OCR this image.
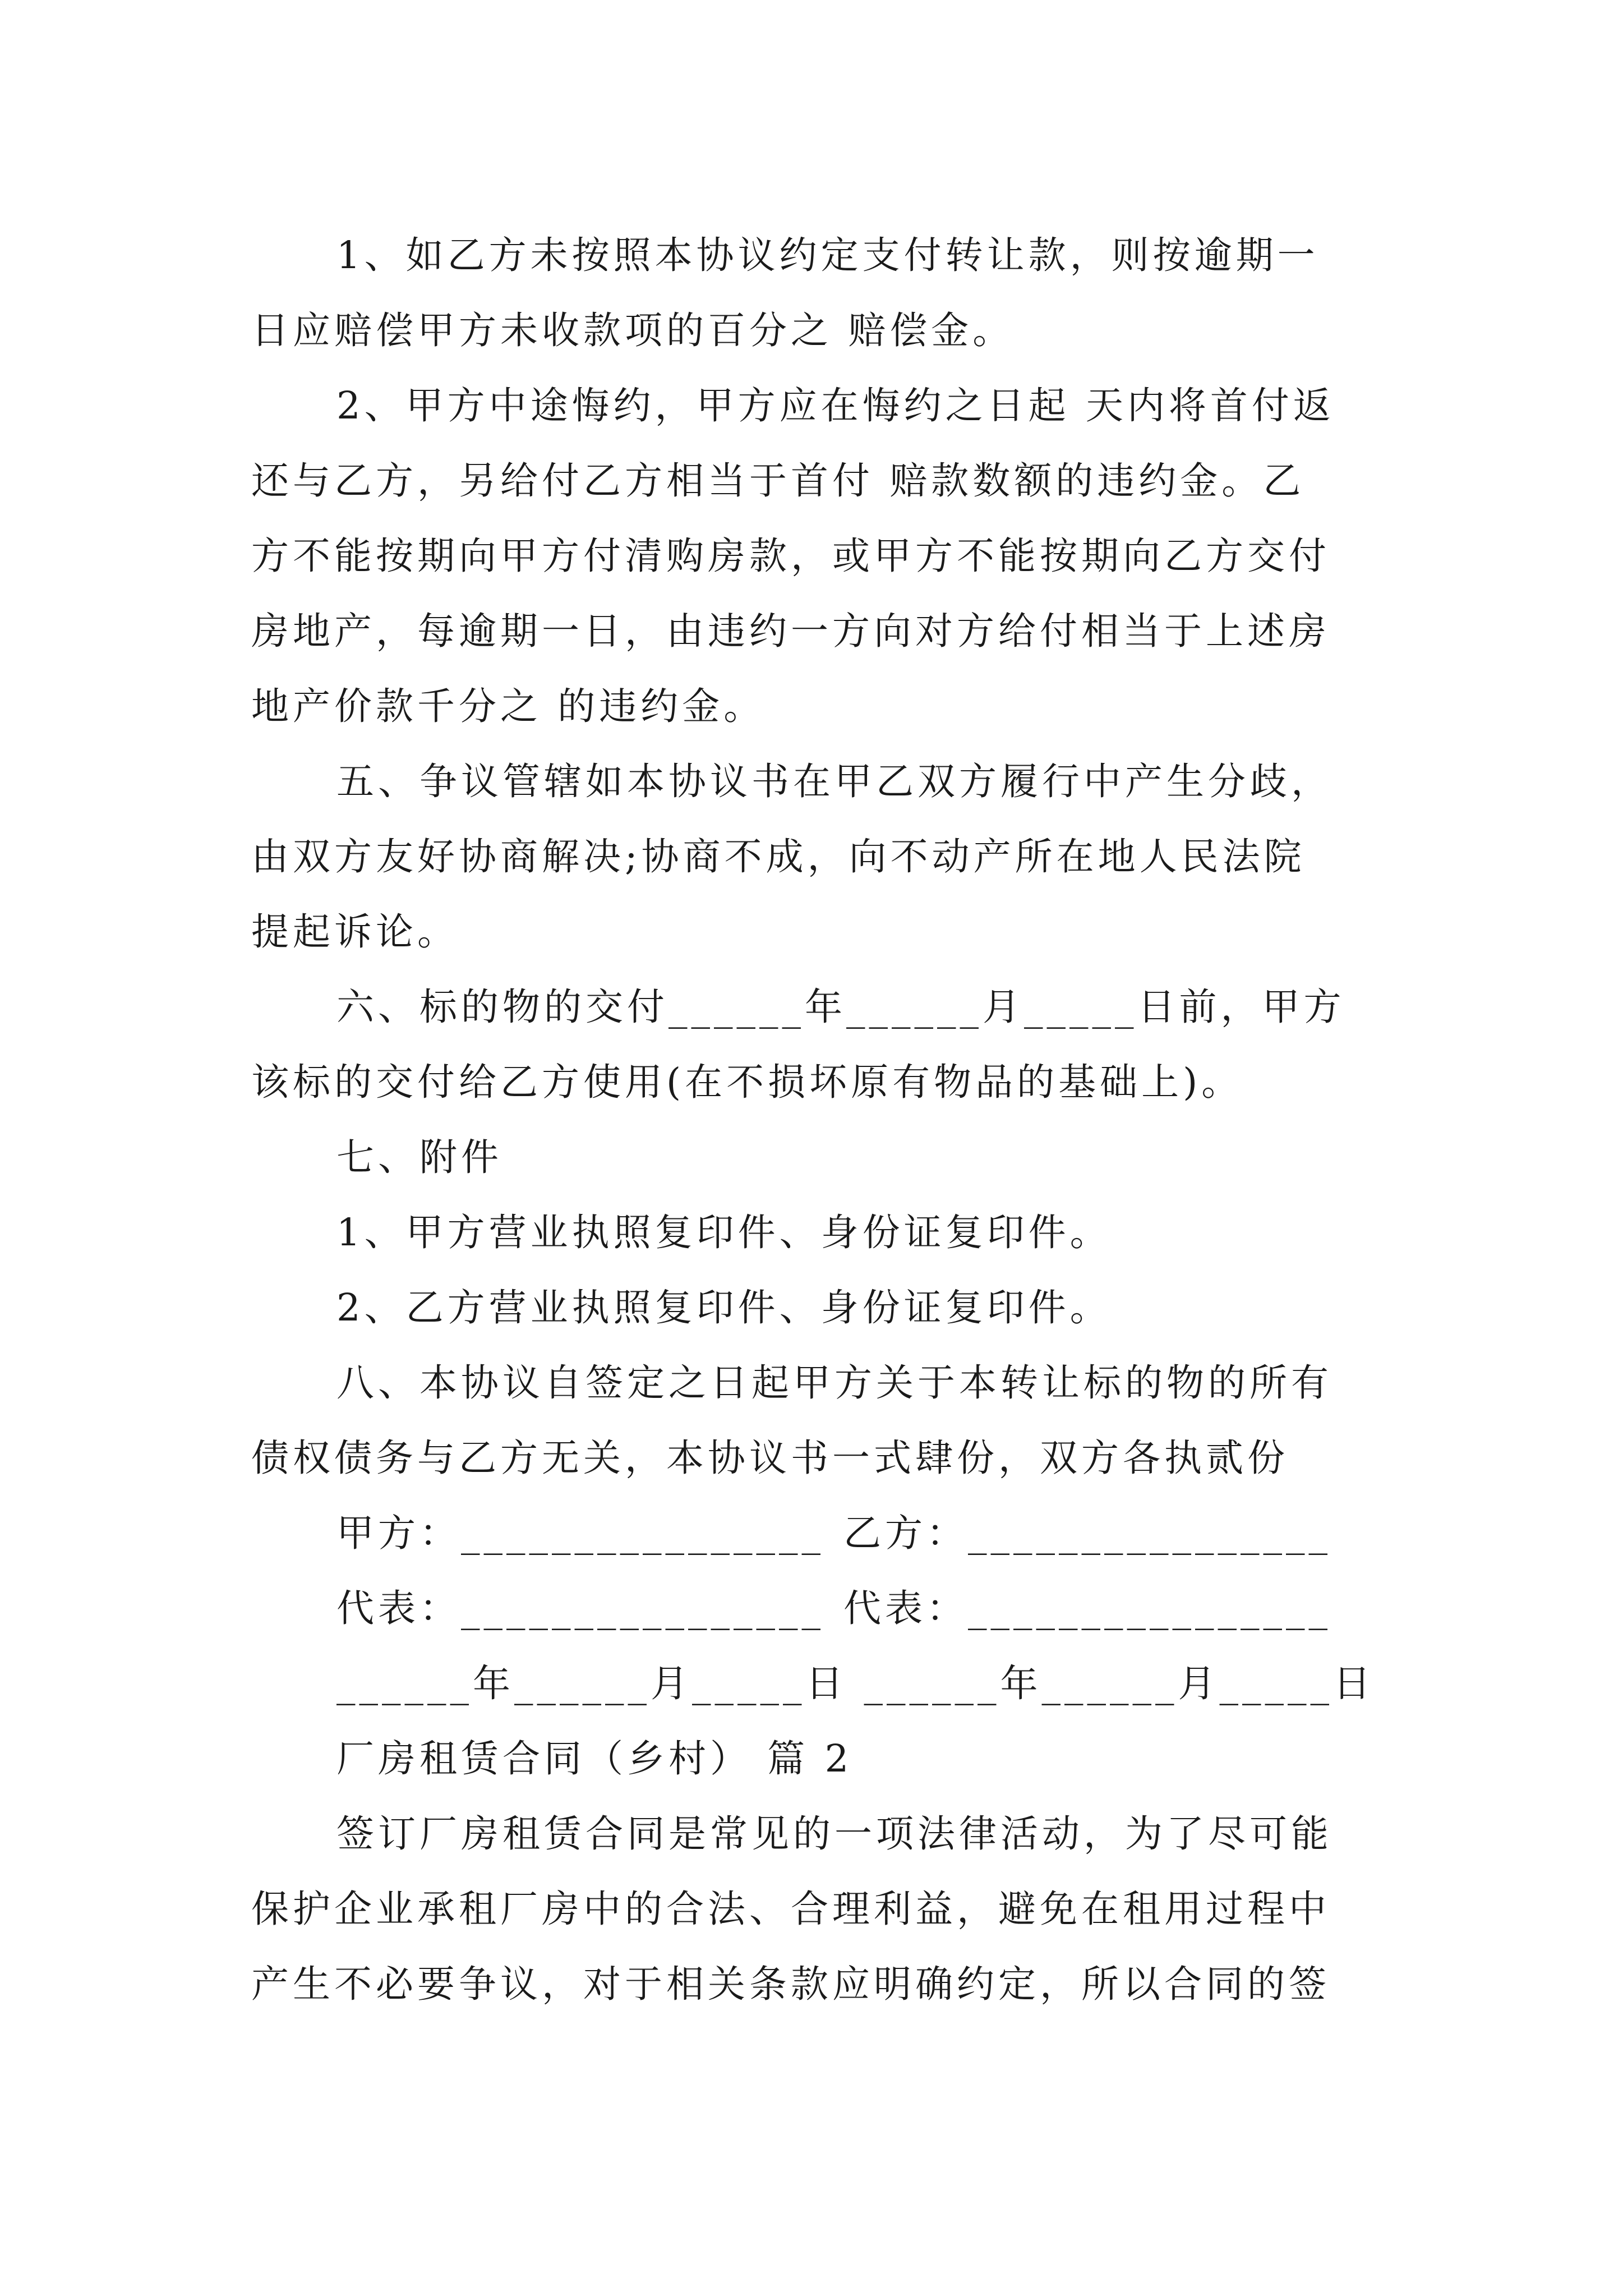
1、如乙方未按照本协议约定支付转让款，则按逾期一

日应赔偿甲方未收款项的百分之 赔偿金。

2、甲方中途悔约，甲方应在悔约之日起 天内将首付返

还与乙方，另给付乙方相当于首付 赔款数额的违约金。乙

方不能按期向甲方付清购房款，或甲方不能按期向乙方交付

房地产，每逾期一日，由违约一方向对方给付相当于上述房

地产价款千分之 的违约金。

五、争议管辖如本协议书在甲乙双方履行中产生分歧，

由双方友好协商解决;协商不成，向不动产所在地人民法院

提起诉论。

六、标的物的交付______年______月_____日前，甲方

该标的交付给乙方使用(在不损坏原有物品的基础上)。

七、附件

1、甲方营业执照复印件、身份证复印件。

2、乙方营业执照复印件、身份证复印件。

八、本协议自签定之日起甲方关于本转让标的物的所有

债权债务与乙方无关，本协议书一式肆份，双方各执贰份

甲方：________________ 乙方：________________
代表：________________ 代表：________________
______年______月_____日 ______年______月_____日

厂房租赁合同（乡村） 篇 2

签订厂房租赁合同是常见的一项法律活动，为了尽可能

保护企业承租厂房中的合法、合理利益，避免在租用过程中

产生不必要争议，对于相关条款应明确约定，所以合同的签
